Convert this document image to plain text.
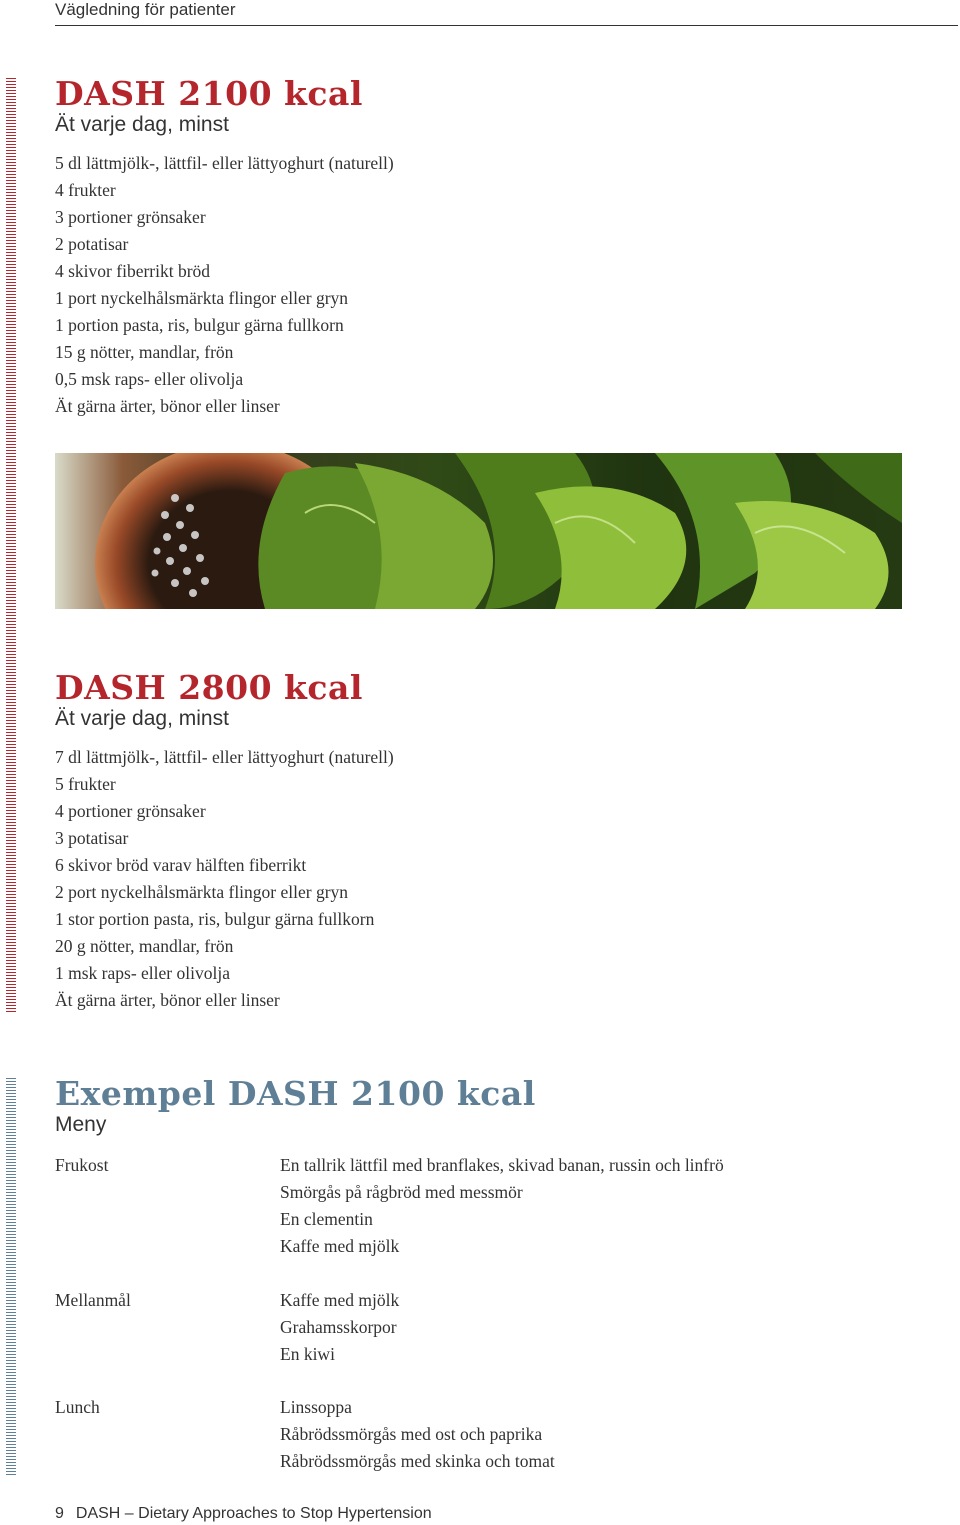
Vägledning för patienter
DASH 2100 kcal

Ät varje dag, minst

5 dl lättmjölk-, lättfil- eller lättyoghurt (naturell)
4 frukter
3 portioner grönsaker
2 potatisar
4 skivor fiberrikt bröd
1 port nyckelhålsmärkta flingor eller gryn
1 portion pasta, ris, bulgur gärna fullkorn
15 g nötter, mandlar, frön
0,5 msk raps- eller olivolja
Ät gärna ärter, bönor eller linser
DASH 2800 kcal

Ät varje dag, minst

7 dl lättmjölk-, lättfil- eller lättyoghurt (naturell)
5 frukter
4 portioner grönsaker
3 potatisar
6 skivor bröd varav hälften fiberrikt
2 port nyckelhålsmärkta flingor eller gryn
1 stor portion pasta, ris, bulgur gärna fullkorn
20 g nötter, mandlar, frön
1 msk raps- eller olivolja
Ät gärna ärter, bönor eller linser
Exempel DASH 2100 kcal

Meny

Frukost	En tallrik lättfil med branflakes, skivad banan, russin och linfrö
Smörgås på rågbröd med messmör
En clementin
Kaffe med mjölk
Mellanmål	Kaffe med mjölk
Grahamsskorpor
En kiwi
Lunch	Linssoppa
Råbrödssmörgås med ost och paprika
Råbrödssmörgås med skinka och tomat
9 DASH – Dietary Approaches to Stop Hypertension
